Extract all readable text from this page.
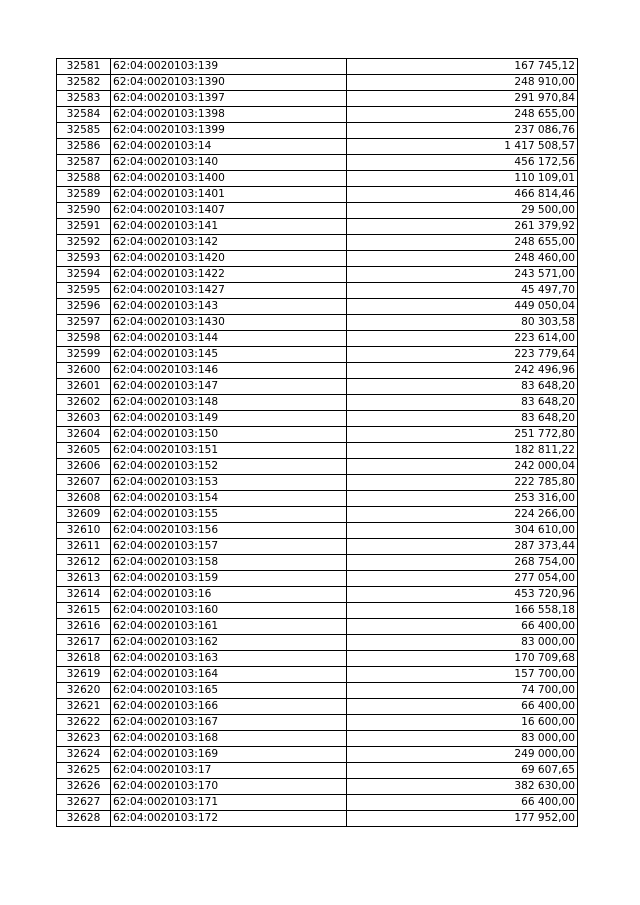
32581	62:04:0020103:139	167 745,12
32582	62:04:0020103:1390	248 910,00
32583	62:04:0020103:1397	291 970,84
32584	62:04:0020103:1398	248 655,00
32585	62:04:0020103:1399	237 086,76
32586	62:04:0020103:14	1 417 508,57
32587	62:04:0020103:140	456 172,56
32588	62:04:0020103:1400	110 109,01
32589	62:04:0020103:1401	466 814,46
32590	62:04:0020103:1407	29 500,00
32591	62:04:0020103:141	261 379,92
32592	62:04:0020103:142	248 655,00
32593	62:04:0020103:1420	248 460,00
32594	62:04:0020103:1422	243 571,00
32595	62:04:0020103:1427	45 497,70
32596	62:04:0020103:143	449 050,04
32597	62:04:0020103:1430	80 303,58
32598	62:04:0020103:144	223 614,00
32599	62:04:0020103:145	223 779,64
32600	62:04:0020103:146	242 496,96
32601	62:04:0020103:147	83 648,20
32602	62:04:0020103:148	83 648,20
32603	62:04:0020103:149	83 648,20
32604	62:04:0020103:150	251 772,80
32605	62:04:0020103:151	182 811,22
32606	62:04:0020103:152	242 000,04
32607	62:04:0020103:153	222 785,80
32608	62:04:0020103:154	253 316,00
32609	62:04:0020103:155	224 266,00
32610	62:04:0020103:156	304 610,00
32611	62:04:0020103:157	287 373,44
32612	62:04:0020103:158	268 754,00
32613	62:04:0020103:159	277 054,00
32614	62:04:0020103:16	453 720,96
32615	62:04:0020103:160	166 558,18
32616	62:04:0020103:161	66 400,00
32617	62:04:0020103:162	83 000,00
32618	62:04:0020103:163	170 709,68
32619	62:04:0020103:164	157 700,00
32620	62:04:0020103:165	74 700,00
32621	62:04:0020103:166	66 400,00
32622	62:04:0020103:167	16 600,00
32623	62:04:0020103:168	83 000,00
32624	62:04:0020103:169	249 000,00
32625	62:04:0020103:17	69 607,65
32626	62:04:0020103:170	382 630,00
32627	62:04:0020103:171	66 400,00
32628	62:04:0020103:172	177 952,00
